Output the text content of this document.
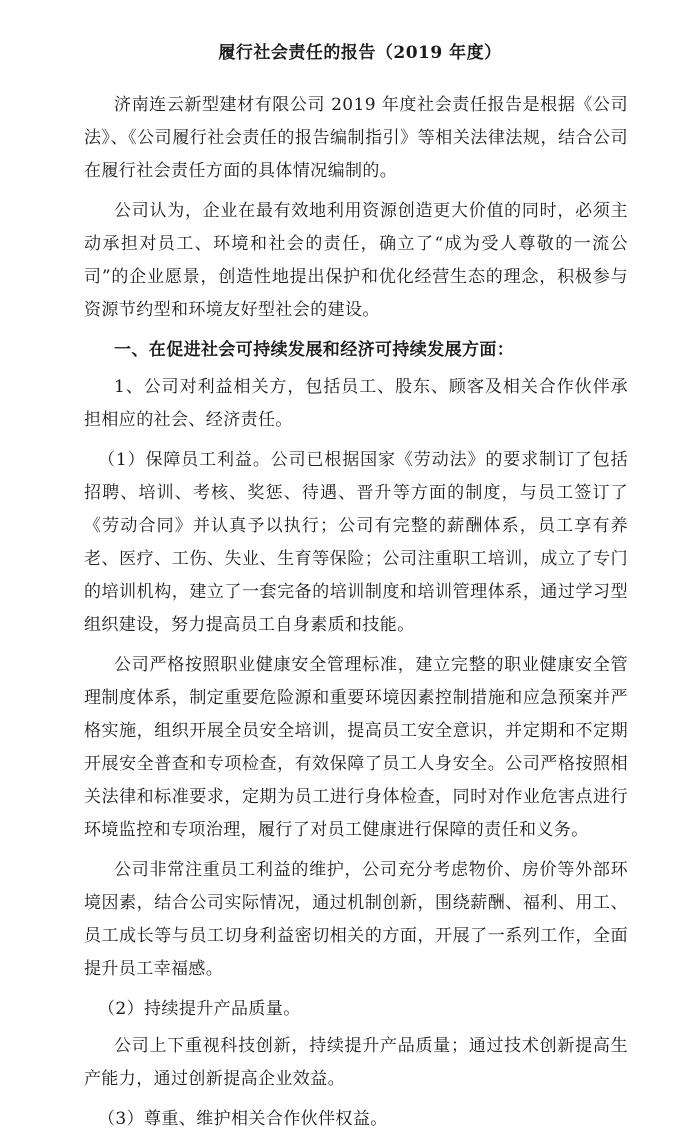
履行社会责任的报告（2019 年度）

济南连云新型建材有限公司 2019 年度社会责任报告是根据《公司法》、《公司履行社会责任的报告编制指引》等相关法律法规，结合公司在履行社会责任方面的具体情况编制的。

公司认为，企业在最有效地利用资源创造更大价值的同时，必须主动承担对员工、环境和社会的责任，确立了“成为受人尊敬的一流公司”的企业愿景，创造性地提出保护和优化经营生态的理念，积极参与资源节约型和环境友好型社会的建设。

一、在促进社会可持续发展和经济可持续发展方面：

1、公司对利益相关方，包括员工、股东、顾客及相关合作伙伴承担相应的社会、经济责任。

（1）保障员工利益。公司已根据国家《劳动法》的要求制订了包括招聘、培训、考核、奖惩、待遇、晋升等方面的制度，与员工签订了《劳动合同》并认真予以执行；公司有完整的薪酬体系，员工享有养老、医疗、工伤、失业、生育等保险；公司注重职工培训，成立了专门的培训机构，建立了一套完备的培训制度和培训管理体系，通过学习型组织建设，努力提高员工自身素质和技能。

公司严格按照职业健康安全管理标准，建立完整的职业健康安全管理制度体系，制定重要危险源和重要环境因素控制措施和应急预案并严格实施，组织开展全员安全培训，提高员工安全意识，并定期和不定期开展安全普查和专项检查，有效保障了员工人身安全。公司严格按照相关法律和标准要求，定期为员工进行身体检查，同时对作业危害点进行环境监控和专项治理，履行了对员工健康进行保障的责任和义务。

公司非常注重员工利益的维护，公司充分考虑物价、房价等外部环境因素，结合公司实际情况，通过机制创新，围绕薪酬、福利、用工、员工成长等与员工切身利益密切相关的方面，开展了一系列工作，全面提升员工幸福感。

（2）持续提升产品质量。

公司上下重视科技创新，持续提升产品质量；通过技术创新提高生产能力，通过创新提高企业效益。

（3）尊重、维护相关合作伙伴权益。
